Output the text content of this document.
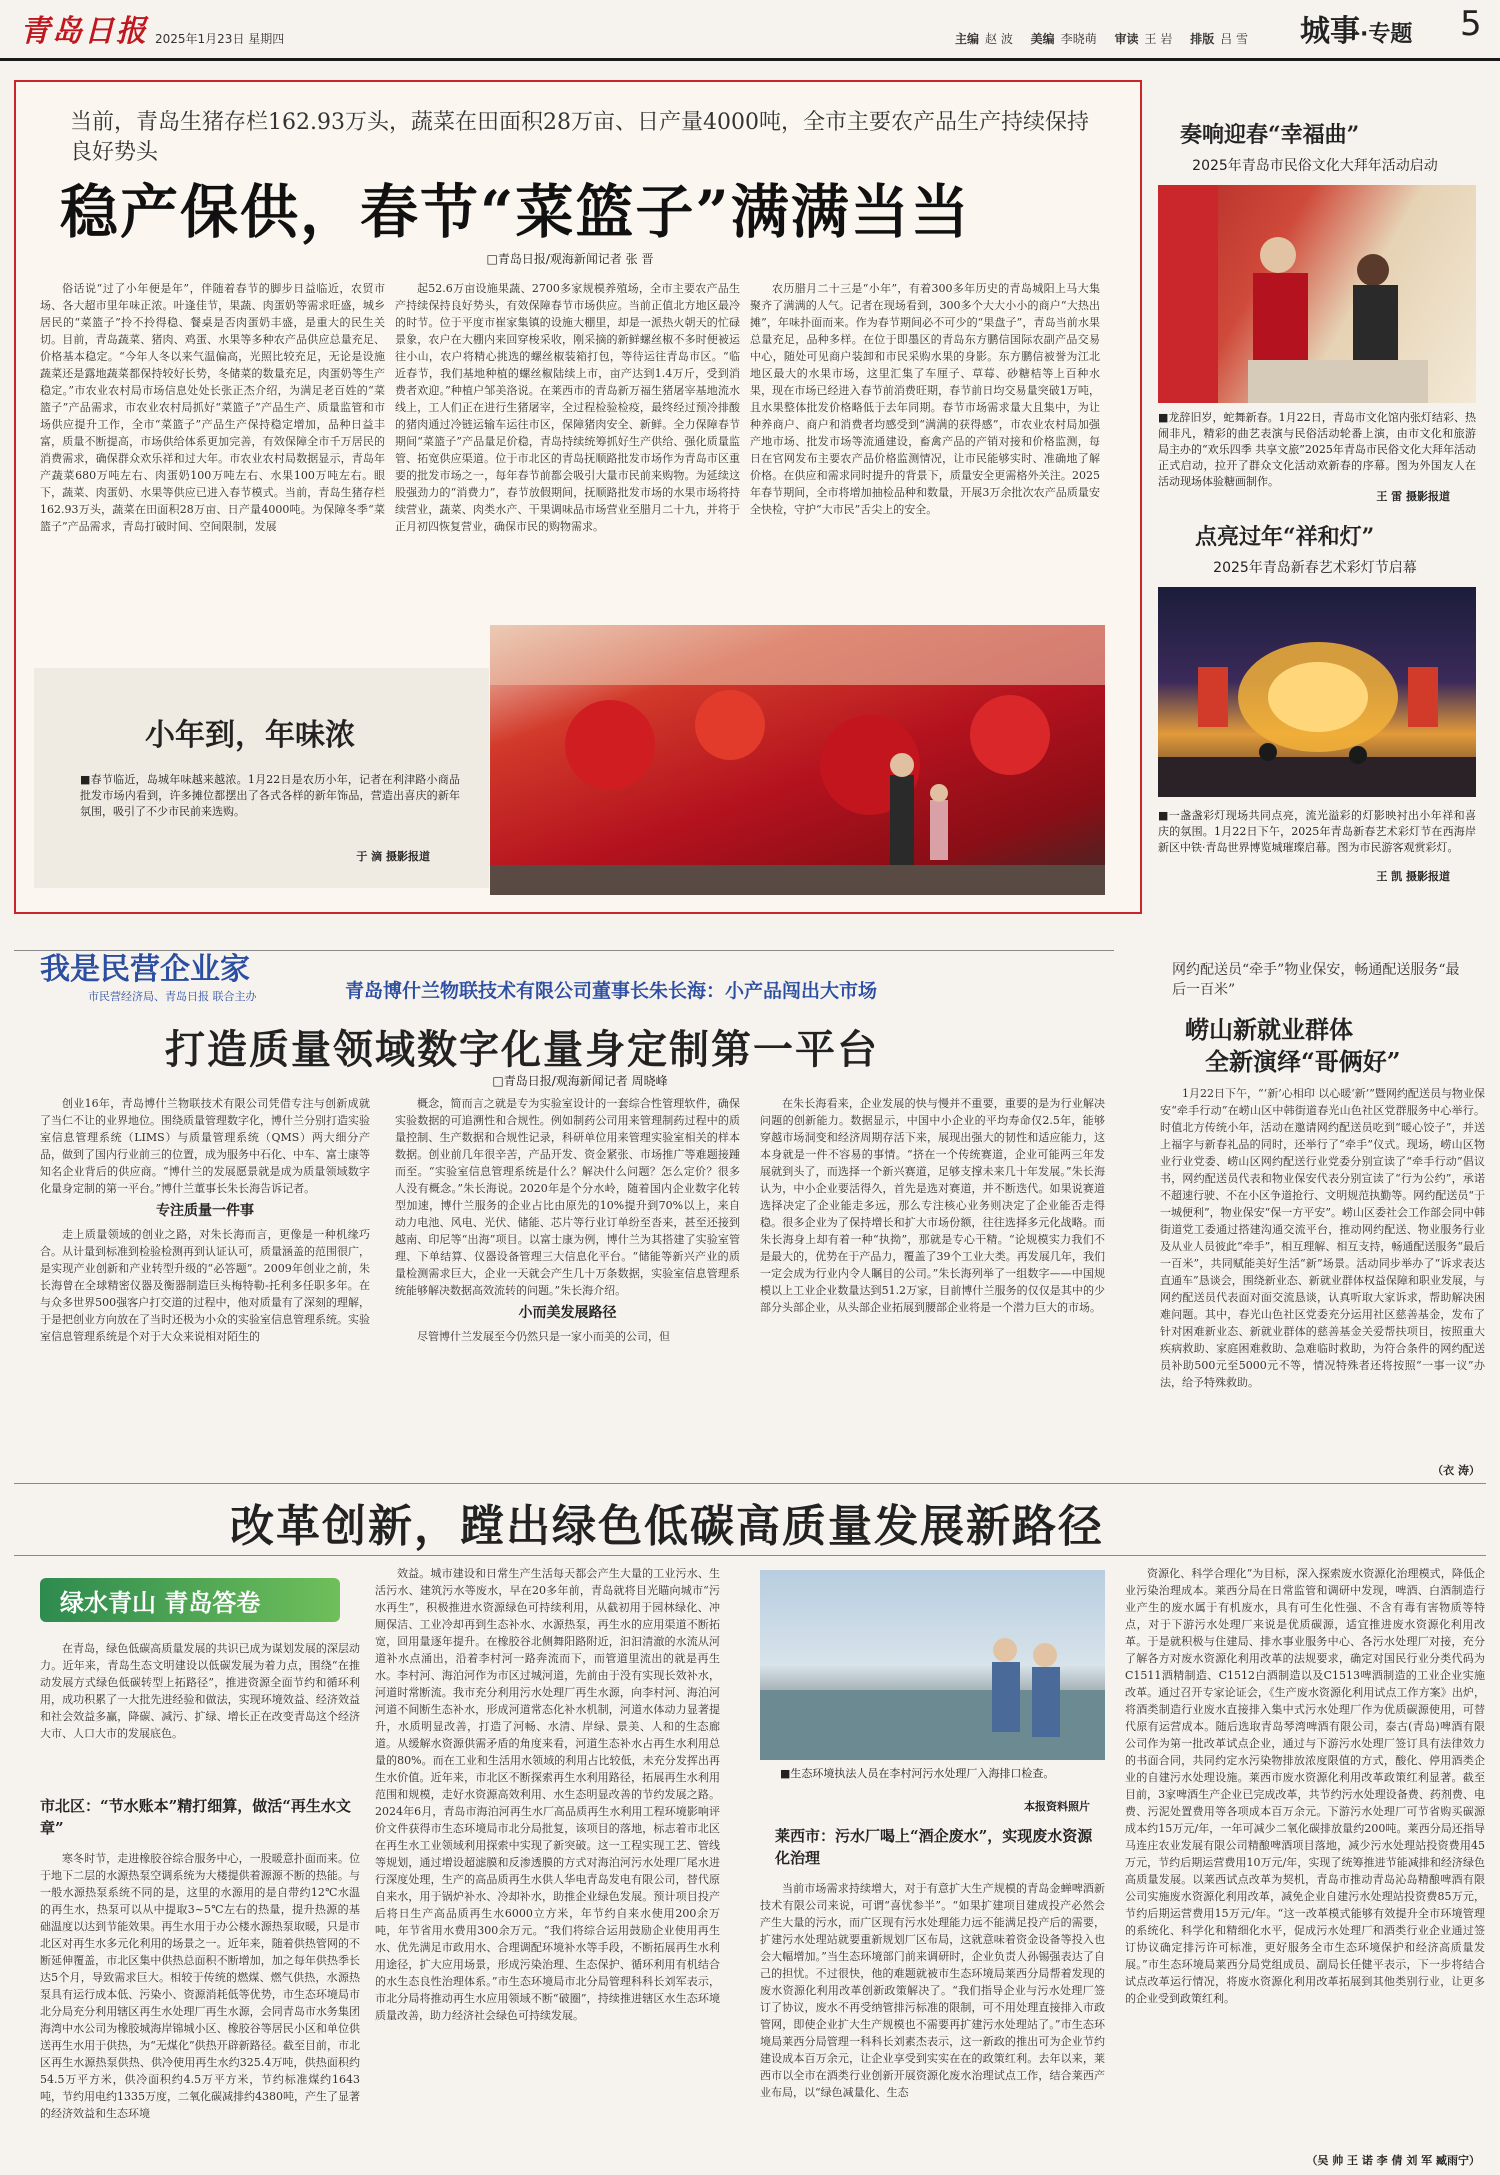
青岛日报 2025年1月23日 星期四	主编 赵 波 美编 李晓萌 审读 王 岩 排版 吕 雪	城事·专题 5
当前，青岛生猪存栏162.93万头，蔬菜在田面积28万亩、日产量4000吨，全市主要农产品生产持续保持良好势头
稳产保供，春节“菜篮子”满满当当
□青岛日报/观海新闻记者 张 晋

俗话说“过了小年便是年”，伴随着春节的脚步日益临近，农贸市场、各大超市里年味正浓。叶逢佳节，果蔬、肉蛋奶等需求旺盛，城乡居民的“菜篮子”拎不拎得稳、餐桌是否肉蛋奶丰盛，是重大的民生关切。目前，青岛蔬菜、猪肉、鸡蛋、水果等多种农产品供应总量充足、价格基本稳定。“今年人冬以来气温偏高，光照比较充足，无论是设施蔬菜还是露地蔬菜都保持较好长势，冬储菜的数量充足，肉蛋奶等生产稳定。”市农业农村局市场信息处处长张正杰介绍，为满足老百姓的“菜篮子”产品需求，市农业农村局抓好“菜篮子”产品生产、质量监管和市场供应提升工作，全市“菜篮子”产品生产保持稳定增加，品种日益丰富，质量不断提高，市场供给体系更加完善，有效保障全市千万居民的消费需求，确保群众欢乐祥和过大年。市农业农村局数据显示，青岛年产蔬菜680万吨左右、肉蛋奶100万吨左右、水果100万吨左右。眼下，蔬菜、肉蛋奶、水果等供应已进入春节模式。当前，青岛生猪存栏162.93万头，蔬菜在田面积28万亩、日产量4000吨。为保障冬季“菜篮子”产品需求，青岛打破时间、空间限制，发展

起52.6万亩设施果蔬、2700多家规模养殖场，全市主要农产品生产持续保持良好势头，有效保障春节市场供应。当前正值北方地区最冷的时节。位于平度市崔家集镇的设施大棚里，却是一派热火朝天的忙碌景象，农户在大棚内来回穿梭采收，刚采摘的新鲜螺丝椒不多时便被运往小山，农户将精心挑选的螺丝椒装箱打包，等待运往青岛市区。“临近春节，我们基地种植的螺丝椒陆续上市，亩产达到1.4万斤，受到消费者欢迎。”种植户邹美洛说。在莱西市的青岛新万福生猪屠宰基地流水线上，工人们正在进行生猪屠宰，全过程检验检疫，最终经过预冷排酸的猪肉通过冷链运输车运往市区，保障猪肉安全、新鲜。全力保障春节期间“菜篮子”产品量足价稳，青岛持续统筹抓好生产供给、强化质量监管、拓宽供应渠道。位于市北区的青岛抚顺路批发市场作为青岛市区重要的批发市场之一，每年春节前都会吸引大量市民前来购物。为延续这股强劲力的“消费力”，春节放假期间，抚顺路批发市场的水果市场将持续营业，蔬菜、肉类水产、干果调味品市场营业至腊月二十九，并将于正月初四恢复营业，确保市民的购物需求。

农历腊月二十三是“小年”，有着300多年历史的青岛城阳上马大集聚齐了满满的人气。记者在现场看到，300多个大大小小的商户“大热出摊”，年味扑面而来。作为春节期间必不可少的“果盘子”，青岛当前水果总量充足，品种多样。在位于即墨区的青岛东方鹏信国际农副产品交易中心，随处可见商户装卸和市民采购水果的身影。东方鹏信被誉为江北地区最大的水果市场，这里汇集了车厘子、草莓、砂糖桔等上百种水果，现在市场已经进入春节前消费旺期，春节前日均交易量突破1万吨，且水果整体批发价格略低于去年同期。春节市场需求量大且集中，为让种养商户、商户和消费者均感受到“满满的获得感”，市农业农村局加强产地市场、批发市场等流通建设，畜禽产品的产销对接和价格监测，每日在官网发布主要农产品价格监测情况，让市民能够实时、准确地了解价格。在供应和需求同时提升的背景下，质量安全更需格外关注。2025年春节期间，全市将增加抽检品种和数量，开展3万余批次农产品质量安全快检，守护“大市民”舌尖上的安全。

小年到，年味浓
■春节临近，岛城年味越来越浓。1月22日是农历小年，记者在利津路小商品批发市场内看到，许多摊位都摆出了各式各样的新年饰品，营造出喜庆的新年氛围，吸引了不少市民前来选购。
于 滴 摄影报道
奏响迎春“幸福曲”
2025年青岛市民俗文化大拜年活动启动
■龙辞旧岁，蛇舞新春。1月22日，青岛市文化馆内张灯结彩、热闹非凡，精彩的曲艺表演与民俗活动轮番上演，由市文化和旅游局主办的“欢乐四季 共享文旅”2025年青岛市民俗文化大拜年活动正式启动，拉开了群众文化活动欢新春的序幕。图为外国友人在活动现场体验糖画制作。
王 雷 摄影报道
点亮过年“祥和灯”
2025年青岛新春艺术彩灯节启幕
■一盏盏彩灯现场共同点亮，流光溢彩的灯影映衬出小年祥和喜庆的氛围。1月22日下午，2025年青岛新春艺术彩灯节在西海岸新区中铁·青岛世界博览城璀璨启幕。图为市民游客观赏彩灯。
王 凯 摄影报道
我是民营企业家
市民营经济局、青岛日报 联合主办	青岛博什兰物联技术有限公司董事长朱长海：小产品闯出大市场
打造质量领域数字化量身定制第一平台
□青岛日报/观海新闻记者 周晓峰

创业16年，青岛博什兰物联技术有限公司凭借专注与创新成就了当仁不让的业界地位。围绕质量管理数字化，博什兰分别打造实验室信息管理系统（LIMS）与质量管理系统（QMS）两大细分产品，做到了国内行业前三的位置，成为服务中石化、中车、富士康等知名企业背后的供应商。“博什兰的发展愿景就是成为质量领域数字化量身定制的第一平台。”博什兰董事长朱长海告诉记者。

专注质量一件事

走上质量领域的创业之路，对朱长海而言，更像是一种机缘巧合。从计量到标准到检验检测再到认证认可，质量涵盖的范围很广，是实现产业创新和产业转型升级的“必答题”。2009年创业之前，朱长海曾在全球精密仪器及衡器制造巨头梅特勒-托利多任职多年。在与众多世界500强客户打交道的过程中，他对质量有了深刻的理解，于是把创业方向放在了当时还极为小众的实验室信息管理系统。实验室信息管理系统是个对于大众来说相对陌生的

概念，简而言之就是专为实验室设计的一套综合性管理软件，确保实验数据的可追溯性和合规性。例如制药公司用来管理制药过程中的质量控制、生产数据和合规性记录，科研单位用来管理实验室相关的样本数据。创业前几年很辛苦，产品开发、资金紧张、市场推广等难题接踵而至。“实验室信息管理系统是什么？解决什么问题？怎么定价？很多人没有概念。”朱长海说。2020年是个分水岭，随着国内企业数字化转型加速，博什兰服务的企业占比由原先的10%提升到70%以上，来自动力电池、风电、光伏、储能、芯片等行业订单纷至沓来，甚至还接到越南、印尼等“出海”项目。以富士康为例，博什兰为其搭建了实验室管理、下单结算、仪器设备管理三大信息化平台。“储能等新兴产业的质量检测需求巨大，企业一天就会产生几十万条数据，实验室信息管理系统能够解决数据高效流转的问题。”朱长海介绍。

小而美发展路径

尽管博什兰发展至今仍然只是一家小而美的公司，但

在朱长海看来，企业发展的快与慢并不重要，重要的是为行业解决问题的创新能力。数据显示，中国中小企业的平均寿命仅2.5年，能够穿越市场洞变和经济周期存活下来，展现出强大的韧性和适应能力，这本身就是一件不容易的事情。“挤在一个传统赛道，企业可能两三年发展就到头了，而选择一个新兴赛道，足够支撑未来几十年发展。”朱长海认为，中小企业要活得久，首先是选对赛道，并不断迭代。如果说赛道选择决定了企业能走多远，那么专注核心业务则决定了企业能否走得稳。很多企业为了保持增长和扩大市场份额，往往选择多元化战略。而朱长海身上却有着一种“执拗”，那就是专心干精。“论规模实力我们不是最大的，优势在于产品力，覆盖了39个工业大类。再发展几年，我们一定会成为行业内令人瞩目的公司。”朱长海列举了一组数字——中国规模以上工业企业数量达到51.2万家，目前博什兰服务的仅仅是其中的少部分头部企业，从头部企业拓展到腰部企业将是一个潜力巨大的市场。

网约配送员“牵手”物业保安，畅通配送服务“最后一百米”
崂山新就业群体
全新演绎“哥俩好”

1月22日下午，“‘新’心相印 以心暖‘新’”暨网约配送员与物业保安“牵手行动”在崂山区中韩街道春光山色社区党群服务中心举行。时值北方传统小年，活动在邀请网约配送员吃到“暖心饺子”，并送上福字与新春礼品的同时，还举行了“牵手”仪式。现场，崂山区物业行业党委、崂山区网约配送行业党委分别宣读了“牵手行动”倡议书，网约配送员代表和物业保安代表分别宣读了“行为公约”，承诺不超速行驶、不在小区争道抢行、文明规范执勤等。网约配送员“于一城便利”，物业保安“保一方平安”。崂山区委社会工作部会同中韩街道党工委通过搭建沟通交流平台，推动网约配送、物业服务行业及从业人员彼此“牵手”，相互理解、相互支持，畅通配送服务“最后一百米”，共同赋能美好生活“新”场景。活动同步举办了“诉求表达直通车”恳谈会，围绕新业态、新就业群体权益保障和职业发展，与网约配送员代表面对面交流恳谈，认真听取大家诉求，帮助解决困难问题。其中，春光山色社区党委充分运用社区慈善基金，发布了针对困难新业态、新就业群体的慈善基金关爱帮扶项目，按照重大疾病救助、家庭困难救助、急难临时救助，为符合条件的网约配送员补助500元至5000元不等，情况特殊者还将按照“一事一议”办法，给予特殊救助。

（衣 涛）
改革创新，蹚出绿色低碳高质量发展新路径
绿水青山 青岛答卷

在青岛，绿色低碳高质量发展的共识已成为谋划发展的深层动力。近年来，青岛生态文明建设以低碳发展为着力点，围绕“在推动发展方式绿色低碳转型上拓路径”，推进资源全面节约和循环利用，成功积累了一大批先进经验和做法，实现环境效益、经济效益和社会效益多赢，降碳、减污、扩绿、增长正在改变青岛这个经济大市、人口大市的发展底色。

市北区：“节水账本”精打细算，做活“再生水文章”

寒冬时节，走进橡胶谷综合服务中心，一股暖意扑面而来。位于地下二层的水源热泵空调系统为大楼提供着源源不断的热能。与一般水源热泵系统不同的是，这里的水源用的是自带约12℃水温的再生水，热泵可以从中提取3~5℃左右的热量，提升热源的基础温度以达到节能效果。再生水用于办公楼水源热泵取暖，只是市北区对再生水多元化利用的场景之一。近年来，随着供热管网的不断延伸覆盖，市北区集中供热总面积不断增加，加之每年供热季长达5个月，导致需求巨大。相较于传统的燃煤、燃气供热，水源热泵具有运行成本低、污染小、资源消耗低等优势，市生态环境局市北分局充分利用辖区再生水处理厂再生水源，会同青岛市水务集团海湾中水公司为橡胶城海岸锦城小区、橡胶谷等居民小区和单位供送再生水用于供热，为“无煤化”供热开辟新路径。截至目前，市北区再生水源热泵供热、供冷使用再生水约325.4万吨，供热面积约54.5万平方米，供冷面积约4.5万平方米，节约标准煤约1643吨，节约用电约1335万度，二氧化碳减排约4380吨，产生了显著的经济效益和生态环境

效益。城市建设和日常生产生活每天都会产生大量的工业污水、生活污水、建筑污水等废水，早在20多年前，青岛就将目光瞄向城市“污水再生”，积极推进水资源绿色可持续利用，从截初用于园林绿化、冲厕保洁、工业冷却再到生态补水、水源热泵，再生水的应用渠道不断拓宽，回用量逐年提升。在橡胶谷北侧舞阳路附近，汩汩清澈的水流从河道补水点涌出，沿着李村河一路奔流而下，而管道里流出的就是再生水。李村河、海泊河作为市区过城河道，先前由于没有实现长效补水，河道时常断流。我市充分利用污水处理厂再生水源，向李村河、海泊河河道不间断生态补水，形成河道常态化补水机制，河道水体动力显著提升，水质明显改善，打造了河畅、水清、岸绿、景美、人和的生态廊道。从缓解水资源供需矛盾的角度来看，河道生态补水占再生水利用总量的80%。而在工业和生活用水领域的利用占比较低，未充分发挥出再生水价值。近年来，市北区不断探索再生水利用路径，拓展再生水利用范围和规模，走好水资源高效利用、水生态明显改善的节约发展之路。2024年6月，青岛市海泊河再生水厂高品质再生水利用工程环境影响评价文件获得市生态环境局市北分局批复，该项目的落地，标志着市北区在再生水工业领域利用探索中实现了新突破。这一工程实现工艺、管线等规划，通过增设超滤膜和反渗透膜的方式对海泊河污水处理厂尾水进行深度处理，生产的高品质再生水供人华电青岛发电有限公司，替代原自来水，用于锅炉补水、冷却补水，助推企业绿色发展。预计项目投产后将日生产高品质再生水6000立方米，年节约自来水使用200余万吨，年节省用水费用300余万元。“我们将综合运用鼓励企业使用再生水、优先满足市政用水、合理调配环境补水等手段，不断拓展再生水利用途径，扩大应用场景，形成污染治理、生态保护、循环利用有机结合的水生态良性治理体系。”市生态环境局市北分局管理科科长刘军表示，市北分局将推动再生水应用领域不断“破圈”，持续推进辖区水生态环境质量改善，助力经济社会绿色可持续发展。

■生态环境执法人员在李村河污水处理厂入海排口检查。
本报资料照片
莱西市：污水厂喝上“酒企废水”，实现废水资源化治理

当前市场需求持续增大，对于有意扩大生产规模的青岛金蝉啤酒新技术有限公司来说，可谓“喜忧参半”。“如果扩建项目建成投产必然会产生大量的污水，而广区现有污水处理能力远不能满足投产后的需要，扩建污水处理站就要重新规划厂区布局，这就意味着资金设备等投入也会大幅增加。”当生态环境部门前来调研时，企业负责人孙锡强表达了自己的担忧。不过很快，他的难题就被市生态环境局莱西分局帮着发现的废水资源化利用改革创新政策解决了。“我们指导企业与污水处理厂签订了协议，废水不再受纳管排污标准的限制，可不用处理直接排入市政管网，即使企业扩大生产规模也不需要再扩建污水处理站了。”市生态环境局莱西分局管理一科科长刘素杰表示，这一新政的推出可为企业节约建设成本百万余元，让企业享受到实实在在的政策红利。去年以来，莱西市以全市在酒类行业创新开展资源化废水治理试点工作，结合莱西产业布局，以“绿色减量化、生态

资源化、科学合理化”为目标，深入探索废水资源化治理模式，降低企业污染治理成本。莱西分局在日常监管和调研中发现，啤酒、白酒制造行业产生的废水属于有机废水，具有可生化性强、不含有毒有害物质等特点，对于下游污水处理厂来说是优质碳源，适宜推进废水资源化利用改革。于是就积极与住建局、排水事业服务中心、各污水处理厂对接，充分了解各方对废水资源化利用改革的法规要求，确定对国民行业分类代码为C1511酒精制造、C1512白酒制造以及C1513啤酒制造的工业企业实施改革。通过召开专家论证会，《生产废水资源化利用试点工作方案》出炉，将酒类制造行业废水直接排入集中式污水处理厂作为优质碳源使用，可替代原有运营成本。随后选取青岛琴湾啤酒有限公司，泰古(青岛)啤酒有限公司作为第一批改革试点企业，通过与下游污水处理厂签订具有法律效力的书面合同，共同约定水污染物排放浓度限值的方式，酸化、停用酒类企业的自建污水处理设施。莱西市废水资源化利用改革政策红利显著。截至目前，3家啤酒生产企业已完成改革，共节约污水处理设备费、药剂费、电费、污泥处置费用等各项成本百万余元。下游污水处理厂可节省购买碳源成本约15万元/年，一年可减少二氧化碳排放量约200吨。莱西分局还指导马连庄农业发展有限公司精酿啤酒项目落地，减少污水处理站投资费用45万元，节约后期运营费用10万元/年，实现了统筹推进节能减排和经济绿色高质量发展。以莱西试点改革为契机，青岛市推动青岛沁岛精酿啤酒有限公司实施废水资源化利用改革，减免企业自建污水处理站投资费85万元，节约后期运营费用15万元/年。“这一改革模式能够有效提升全市环境管理的系统化、科学化和精细化水平，促成污水处理厂和酒类行业企业通过签订协议确定排污许可标准，更好服务全市生态环境保护和经济高质量发展。”市生态环境局莱西分局党组成员、副局长任健平表示，下一步将结合试点改革运行情况，将废水资源化利用改革拓展到其他类别行业，让更多的企业受到政策红利。

（吴 帅 王 诺 李 倩 刘 军 臧雨宁）
